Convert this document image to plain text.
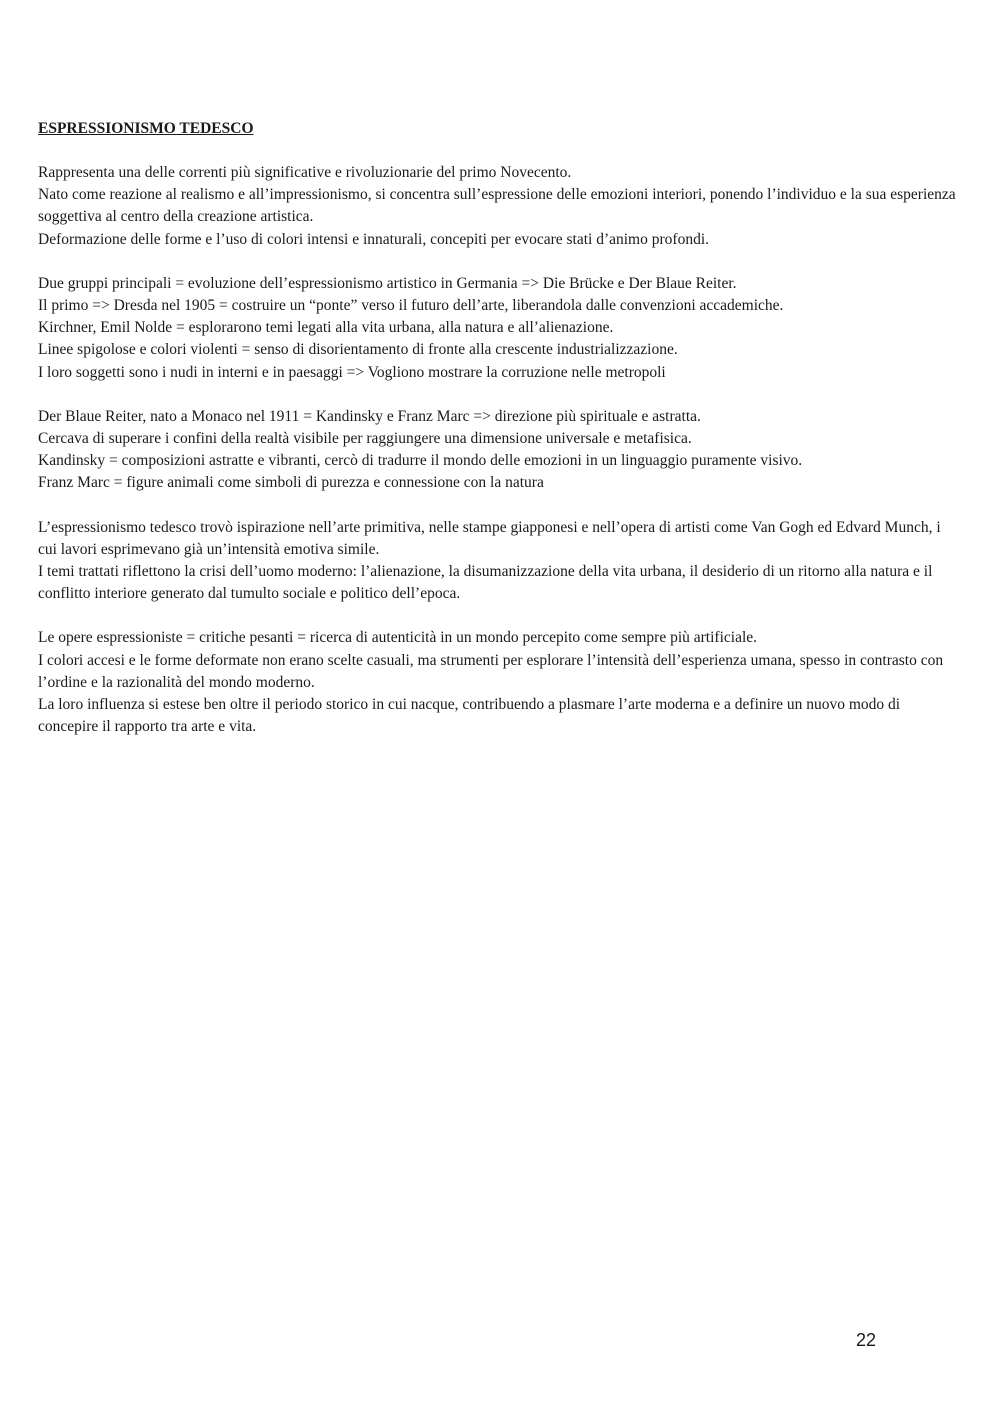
ESPRESSIONISMO TEDESCO
Rappresenta una delle correnti più significative e rivoluzionarie del primo Novecento.
Nato come reazione al realismo e all’impressionismo, si concentra sull’espressione delle emozioni interiori, ponendo l’individuo e la sua esperienza soggettiva al centro della creazione artistica.
Deformazione delle forme e l’uso di colori intensi e innaturali, concepiti per evocare stati d’animo profondi.
Due gruppi principali = evoluzione dell’espressionismo artistico in Germania => Die Brücke e Der Blaue Reiter.
Il primo => Dresda nel 1905 = costruire un “ponte” verso il futuro dell’arte, liberandola dalle convenzioni accademiche.
Kirchner, Emil Nolde = esplorarono temi legati alla vita urbana, alla natura e all’alienazione.
Linee spigolose e colori violenti = senso di disorientamento di fronte alla crescente industrializzazione.
I loro soggetti sono i nudi in interni e in paesaggi => Vogliono mostrare la corruzione nelle metropoli
Der Blaue Reiter, nato a Monaco nel 1911 = Kandinsky e Franz Marc => direzione più spirituale e astratta.
Cercava di superare i confini della realtà visibile per raggiungere una dimensione universale e metafisica.
Kandinsky = composizioni astratte e vibranti, cercò di tradurre il mondo delle emozioni in un linguaggio puramente visivo.
Franz Marc = figure animali come simboli di purezza e connessione con la natura
L’espressionismo tedesco trovò ispirazione nell’arte primitiva, nelle stampe giapponesi e nell’opera di artisti come Van Gogh ed Edvard Munch, i cui lavori esprimevano già un’intensità emotiva simile.
I temi trattati riflettono la crisi dell’uomo moderno: l’alienazione, la disumanizzazione della vita urbana, il desiderio di un ritorno alla natura e il conflitto interiore generato dal tumulto sociale e politico dell’epoca.
Le opere espressioniste = critiche pesanti = ricerca di autenticità in un mondo percepito come sempre più artificiale.
I colori accesi e le forme deformate non erano scelte casuali, ma strumenti per esplorare l’intensità dell’esperienza umana, spesso in contrasto con l’ordine e la razionalità del mondo moderno.
La loro influenza si estese ben oltre il periodo storico in cui nacque, contribuendo a plasmare l’arte moderna e a definire un nuovo modo di concepire il rapporto tra arte e vita.
22
